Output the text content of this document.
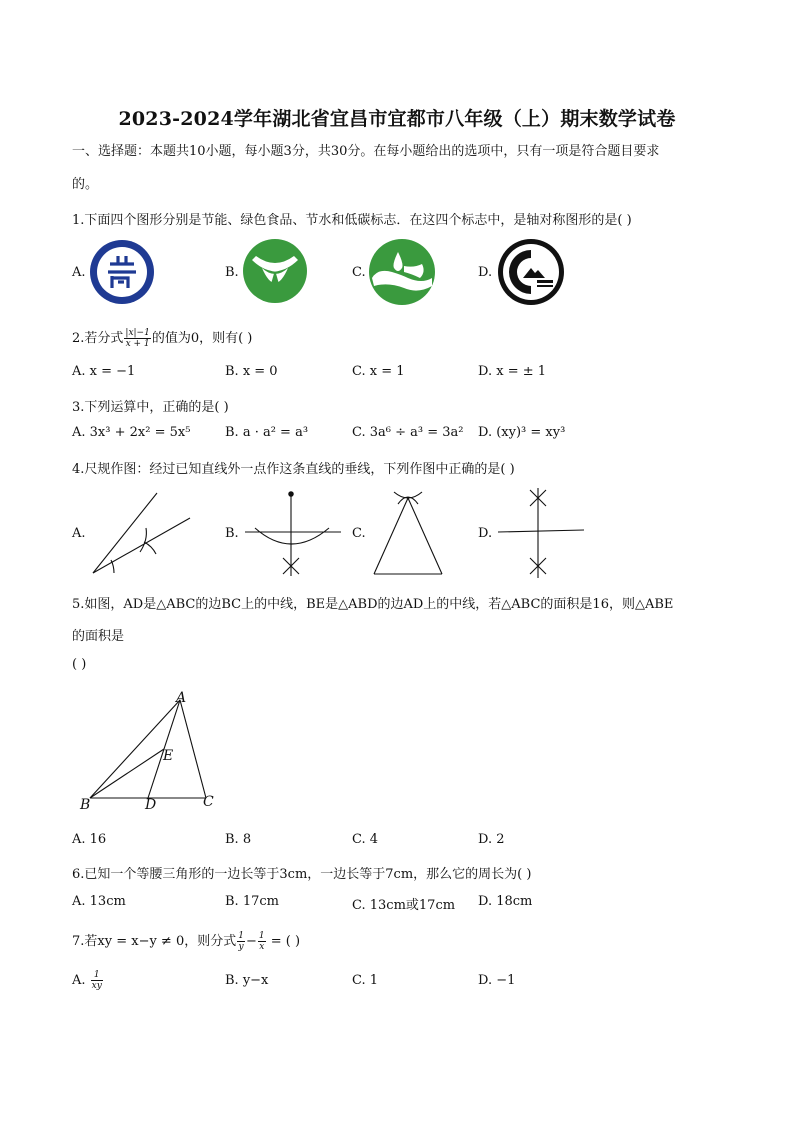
2023-2024学年湖北省宜昌市宜都市八年级（上）期末数学试卷
一、选择题：本题共10小题，每小题3分，共30分。在每小题给出的选项中，只有一项是符合题目要求
的。
1.下面四个图形分别是节能、绿色食品、节水和低碳标志．在这四个标志中，是轴对称图形的是( )
A.	B.	C.	D.
2.若分式 $\frac{|x|-1}{x + 1}$ 的值为0，则有( )
A. x = −1	B. x = 0	C. x = 1	D. x = ± 1
3.下列运算中，正确的是( )
A. 3x³ + 2x² = 5x⁵	B. a · a² = a³	C. 3a⁶ ÷ a³ = 3a² D. (xy)³ = xy³
4.尺规作图：经过已知直线外一点作这条直线的垂线，下列作图中正确的是( )
A.	B.	C.	D.
5.如图，AD是△ABC的边BC上的中线，BE是△ABD的边AD上的中线，若△ABC的面积是16，则△ABE
的面积是
( )
A
B	C
D
E
A. 16	B. 8	C. 4	D. 2
6.已知一个等腰三角形的一边长等于3cm，一边长等于7cm，那么它的周长为( )
A. 13cm	B. 17cm	C. 13cm或17cm D. 18cm
7.若xy = x−y ≠ 0，则分式 $\frac{1}{y} - \frac{1}{x}$ = ( )
A. $\frac{1}{xy}$	B. y−x	C. 1	D. −1
